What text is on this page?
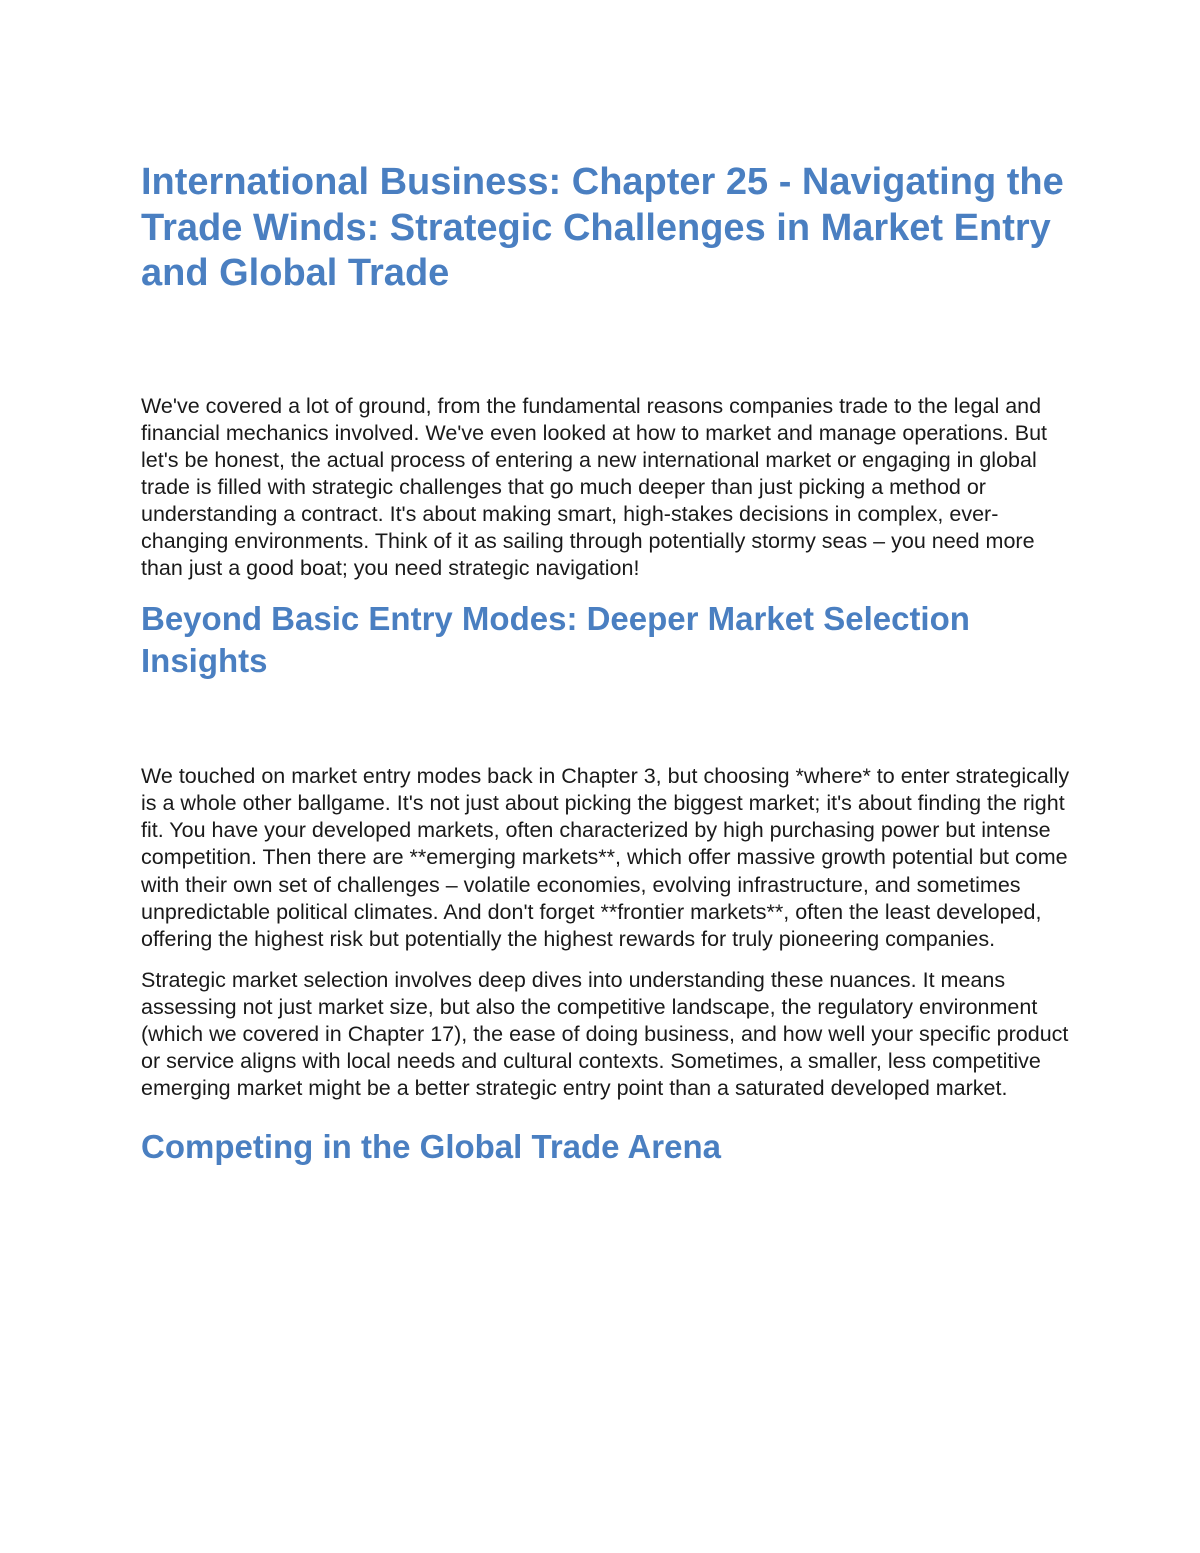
International Business: Chapter 25 - Navigating the Trade Winds: Strategic Challenges in Market Entry and Global Trade

We've covered a lot of ground, from the fundamental reasons companies trade to the legal and financial mechanics involved. We've even looked at how to market and manage operations. But let's be honest, the actual process of entering a new international market or engaging in global trade is filled with strategic challenges that go much deeper than just picking a method or understanding a contract. It's about making smart, high-stakes decisions in complex, ever-changing environments. Think of it as sailing through potentially stormy seas – you need more than just a good boat; you need strategic navigation!

Beyond Basic Entry Modes: Deeper Market Selection Insights

We touched on market entry modes back in Chapter 3, but choosing *where* to enter strategically is a whole other ballgame. It's not just about picking the biggest market; it's about finding the right fit. You have your developed markets, often characterized by high purchasing power but intense competition. Then there are **emerging markets**, which offer massive growth potential but come with their own set of challenges – volatile economies, evolving infrastructure, and sometimes unpredictable political climates. And don't forget **frontier markets**, often the least developed, offering the highest risk but potentially the highest rewards for truly pioneering companies.

Strategic market selection involves deep dives into understanding these nuances. It means assessing not just market size, but also the competitive landscape, the regulatory environment (which we covered in Chapter 17), the ease of doing business, and how well your specific product or service aligns with local needs and cultural contexts. Sometimes, a smaller, less competitive emerging market might be a better strategic entry point than a saturated developed market.

Competing in the Global Trade Arena
